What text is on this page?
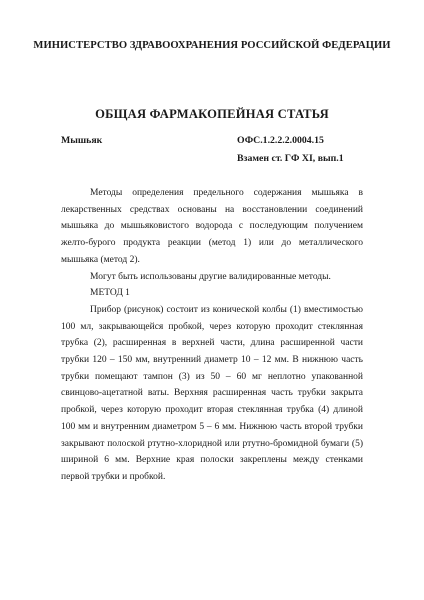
МИНИСТЕРСТВО ЗДРАВООХРАНЕНИЯ РОССИЙСКОЙ ФЕДЕРАЦИИ
ОБЩАЯ ФАРМАКОПЕЙНАЯ СТАТЬЯ
Мышьяк	ОФС.1.2.2.2.0004.15
Взамен ст. ГФ XI, вып.1

Методы определения предельного содержания мышьяка в лекарственных средствах основаны на восстановлении соединений мышьяка до мышьяковистого водорода с последующим получением желто-бурого продукта реакции (метод 1) или до металлического мышьяка (метод 2).

Могут быть использованы другие валидированные методы.

МЕТОД 1

Прибор (рисунок) состоит из конической колбы (1) вместимостью 100 мл, закрывающейся пробкой, через которую проходит стеклянная трубка (2), расширенная в верхней части, длина расширенной части трубки 120 – 150 мм, внутренний диаметр 10 – 12 мм. В нижнюю часть трубки помещают тампон (3) из 50 – 60 мг неплотно упакованной свинцово-ацетатной ваты. Верхняя расширенная часть трубки закрыта пробкой, через которую проходит вторая стеклянная трубка (4) длиной 100 мм и внутренним диаметром 5 – 6 мм. Нижнюю часть второй трубки закрывают полоской ртутно-хлоридной или ртутно-бромидной бумаги (5) шириной 6 мм. Верхние края полоски закреплены между стенками первой трубки и пробкой.
